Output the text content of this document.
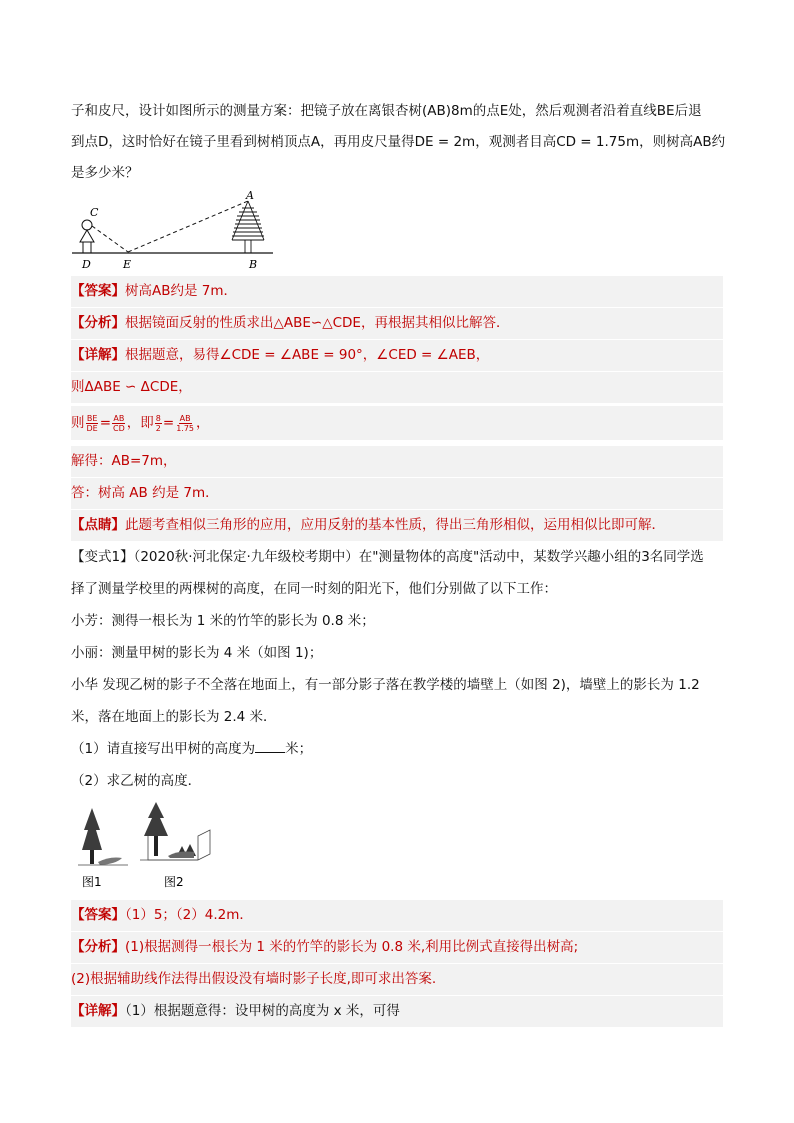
子和皮尺，设计如图所示的测量方案：把镜子放在离银杏树(AB)8m的点E处，然后观测者沿着直线BE后退
到点D，这时恰好在镜子里看到树梢顶点A，再用皮尺量得DE = 2m，观测者目高CD = 1.75m，则树高AB约
是多少米？
A
C
D	E	B
【答案】树高AB约是 7m．
【分析】根据镜面反射的性质求出△ABE∽△CDE，再根据其相似比解答．
【详解】根据题意，易得∠CDE = ∠ABE = 90°，∠CED = ∠AEB，
则ΔABE ∽ ΔCDE，
则 $\frac{BE}{DE} = \frac{AB}{CD}$ ，即 $\frac{8}{2} = \frac{AB}{1.75}$ ，
解得：AB=7m，
答：树高 AB 约是 7m．
【点睛】此题考查相似三角形的应用，应用反射的基本性质，得出三角形相似，运用相似比即可解．
【变式1】（2020秋·河北保定·九年级校考期中）在"测量物体的高度"活动中，某数学兴趣小组的3名同学选
择了测量学校里的两棵树的高度，在同一时刻的阳光下，他们分别做了以下工作：
小芳：测得一根长为 1 米的竹竿的影长为 0.8 米；
小丽：测量甲树的影长为 4 米（如图 1)；
小华 发现乙树的影子不全落在地面上，有一部分影子落在教学楼的墙壁上（如图 2)，墙壁上的影长为 1.2
米，落在地面上的影长为 2.4 米．
（1）请直接写出甲树的高度为 米；
（2）求乙树的高度．
图1	图2
【答案】（1）5；（2）4.2m．
【分析】(1)根据测得一根长为 1 米的竹竿的影长为 0.8 米,利用比例式直接得出树高;
(2)根据辅助线作法得出假设没有墙时影子长度,即可求出答案.
【详解】（1）根据题意得：设甲树的高度为 x 米，可得
